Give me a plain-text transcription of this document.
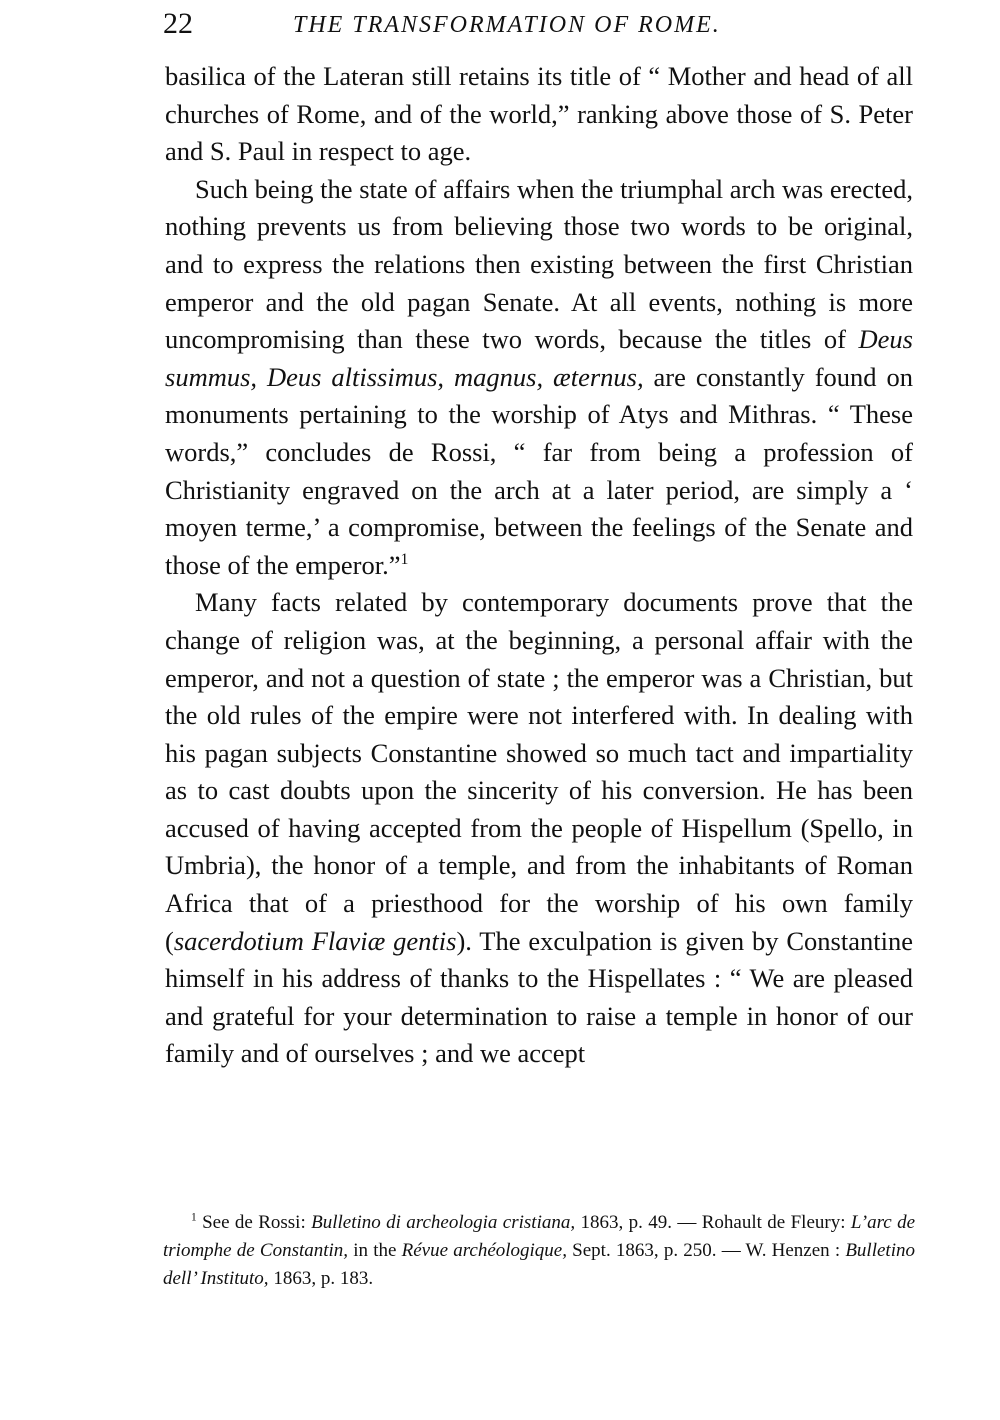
22	THE TRANSFORMATION OF ROME.

basilica of the Lateran still retains its title of “ Mother and head of all churches of Rome, and of the world,” ranking above those of S. Peter and S. Paul in respect to age.

Such being the state of affairs when the triumphal arch was erected, nothing prevents us from believing those two words to be original, and to express the relations then existing between the first Christian emperor and the old pagan Senate. At all events, nothing is more uncompromising than these two words, because the titles of Deus summus, Deus altissimus, magnus, æternus, are constantly found on monuments pertaining to the worship of Atys and Mithras. “ These words,” concludes de Rossi, “ far from being a profession of Christianity engraved on the arch at a later period, are simply a ‘ moyen terme,’ a compromise, between the feelings of the Senate and those of the emperor.”$^1$

Many facts related by contemporary documents prove that the change of religion was, at the beginning, a personal affair with the emperor, and not a question of state ; the emperor was a Christian, but the old rules of the empire were not interfered with. In dealing with his pagan subjects Constantine showed so much tact and impartiality as to cast doubts upon the sincerity of his conversion. He has been accused of having accepted from the people of Hispellum (Spello, in Umbria), the honor of a temple, and from the inhabitants of Roman Africa that of a priesthood for the worship of his own family (sacerdotium Flaviæ gentis). The exculpation is given by Constantine himself in his address of thanks to the Hispellates : “ We are pleased and grateful for your determination to raise a temple in honor of our family and of ourselves ; and we accept

$^1$ See de Rossi: Bulletino di archeologia cristiana, 1863, p. 49. — Rohault de Fleury: L’arc de triomphe de Constantin, in the Révue archéologique, Sept. 1863, p. 250. — W. Henzen : Bulletino dell’ Instituto, 1863, p. 183.
